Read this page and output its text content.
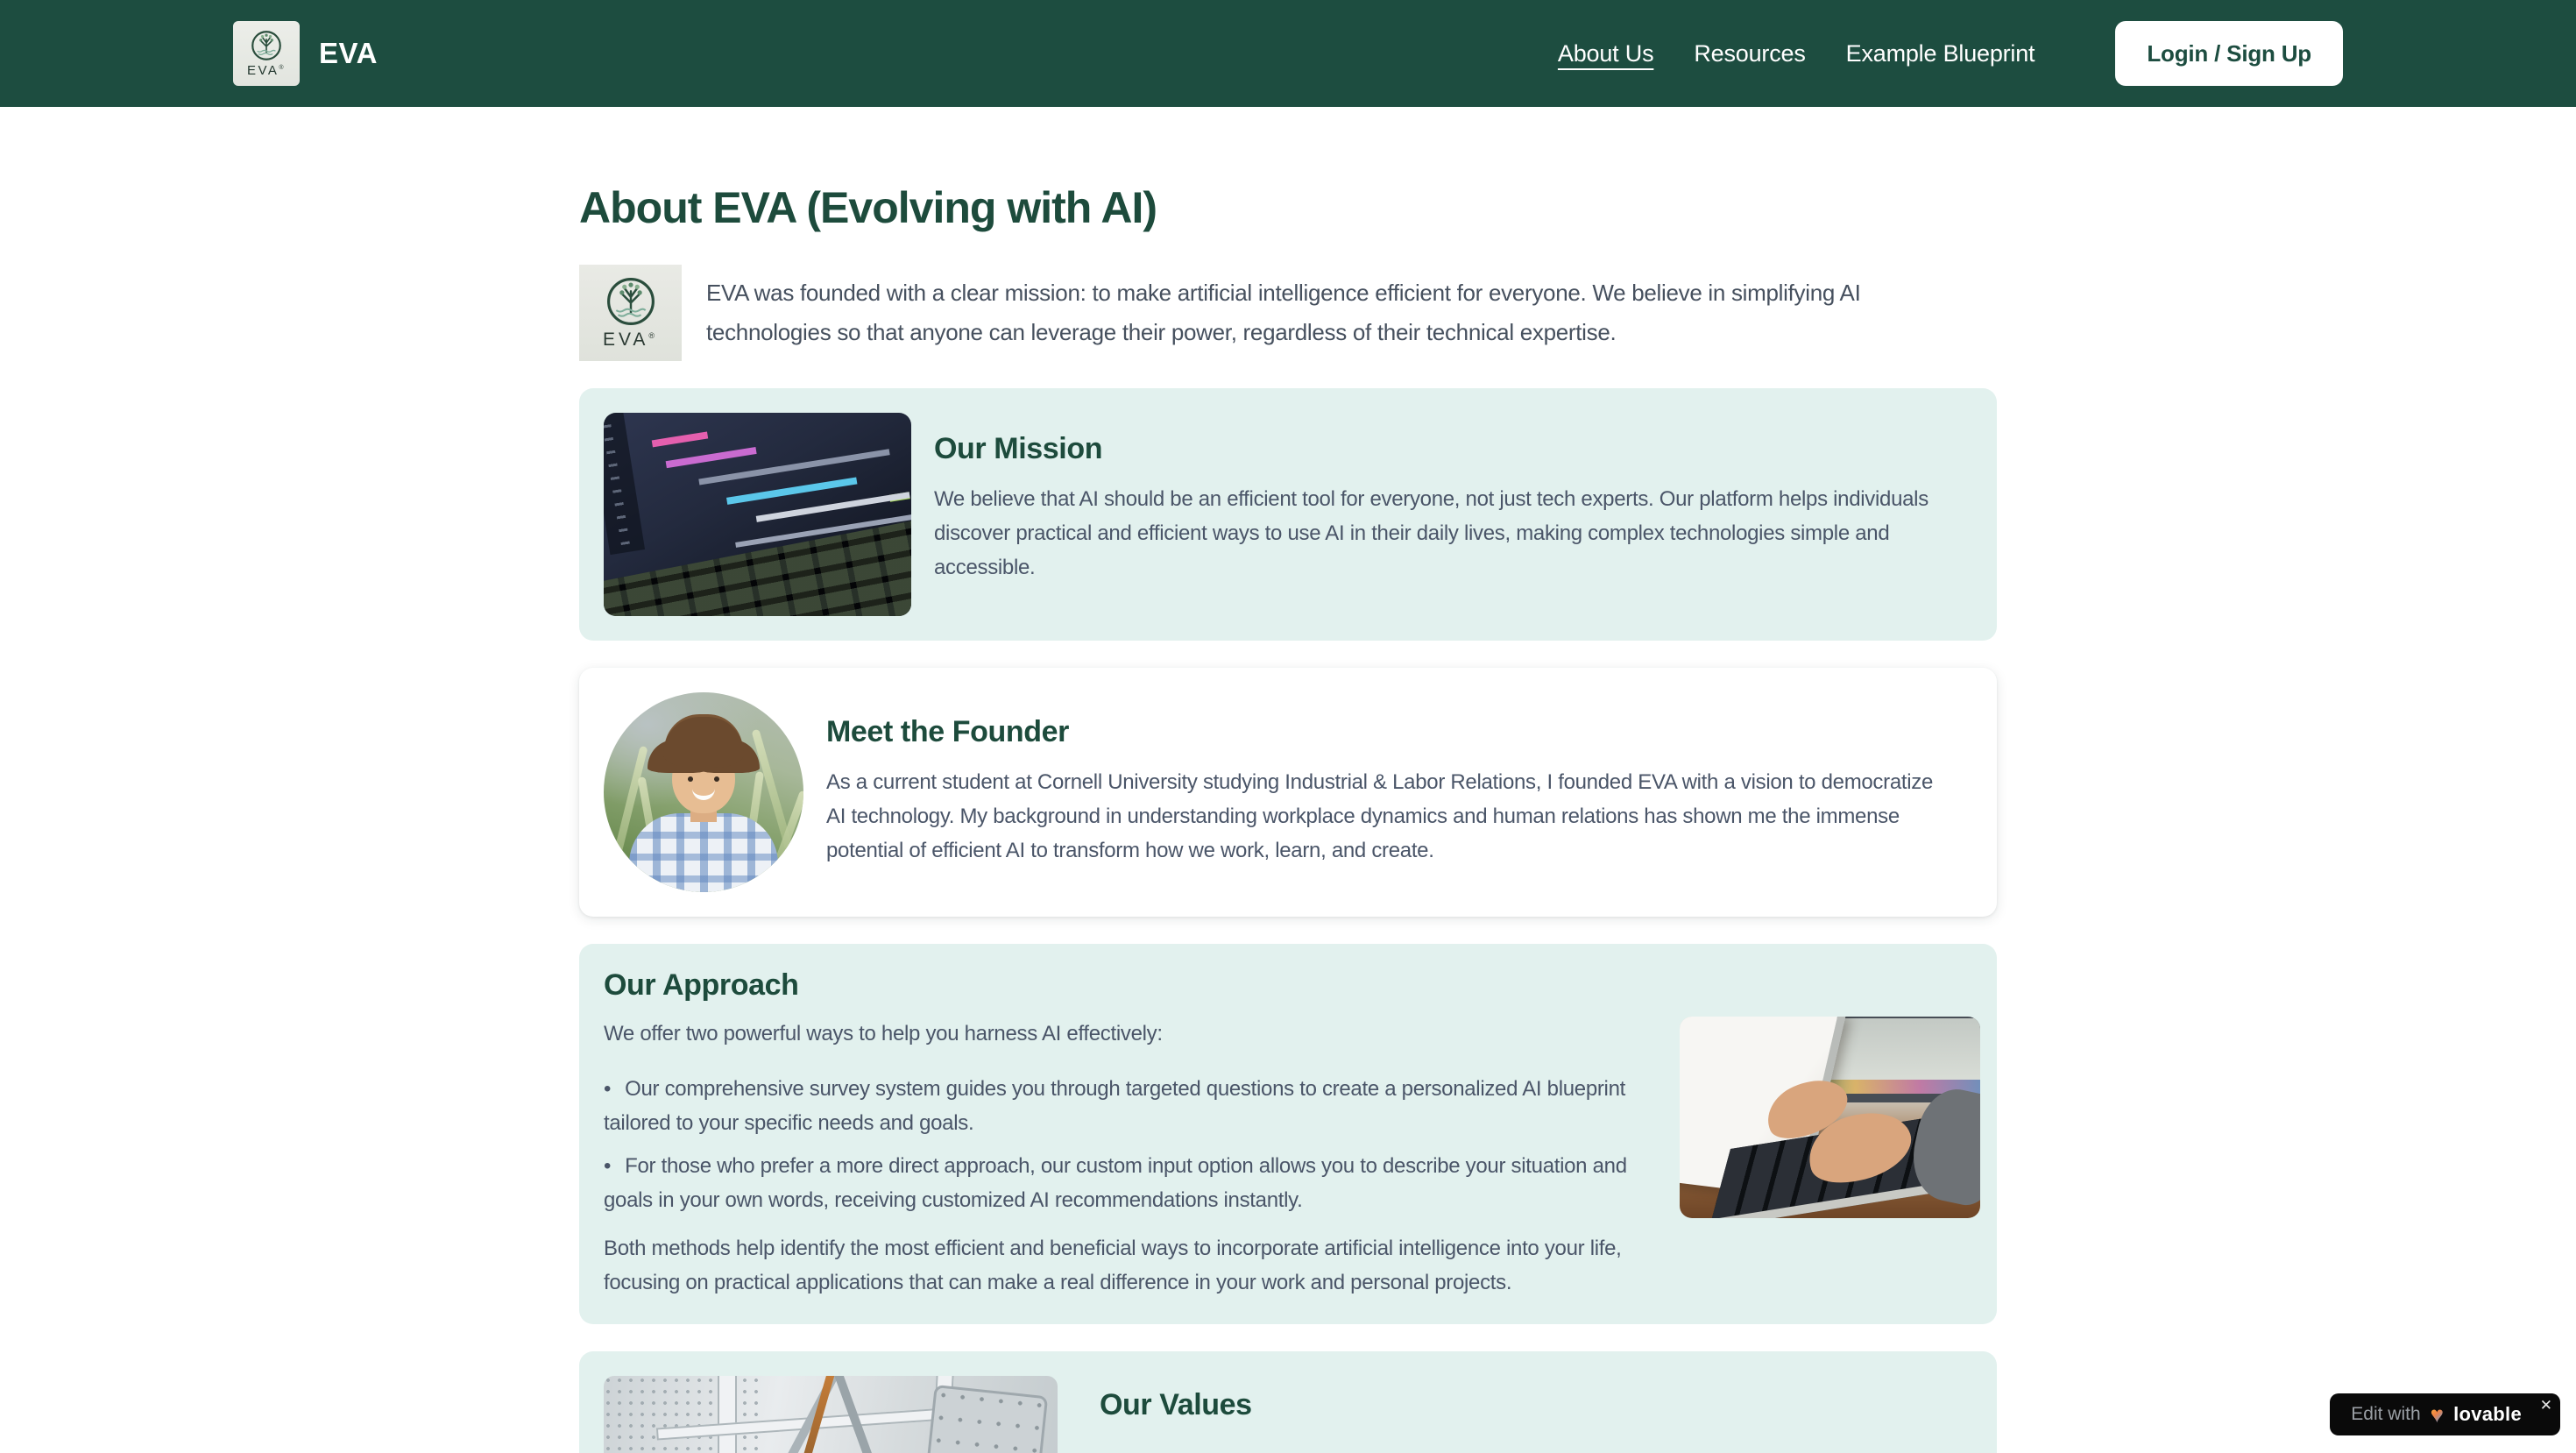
EVA® EVA	About Us Resources Example Blueprint	Login / Sign Up
About EVA (Evolving with AI)
EVA®

EVA was founded with a clear mission: to make artificial intelligence efficient for everyone. We believe in simplifying AI technologies so that anyone can leverage their power, regardless of their technical expertise.

Our Mission

We believe that AI should be an efficient tool for everyone, not just tech experts. Our platform helps individuals discover practical and efficient ways to use AI in their daily lives, making complex technologies simple and accessible.

Meet the Founder

As a current student at Cornell University studying Industrial & Labor Relations, I founded EVA with a vision to democratize AI technology. My background in understanding workplace dynamics and human relations has shown me the immense potential of efficient AI to transform how we work, learn, and create.

Our Approach

We offer two powerful ways to help you harness AI effectively:

• Our comprehensive survey system guides you through targeted questions to create a personalized AI blueprint tailored to your specific needs and goals.
• For those who prefer a more direct approach, our custom input option allows you to describe your situation and goals in your own words, receiving customized AI recommendations instantly.

Both methods help identify the most efficient and beneficial ways to incorporate artificial intelligence into your life, focusing on practical applications that can make a real difference in your work and personal projects.

Our Values	Edit with ♥ lovable ✕
